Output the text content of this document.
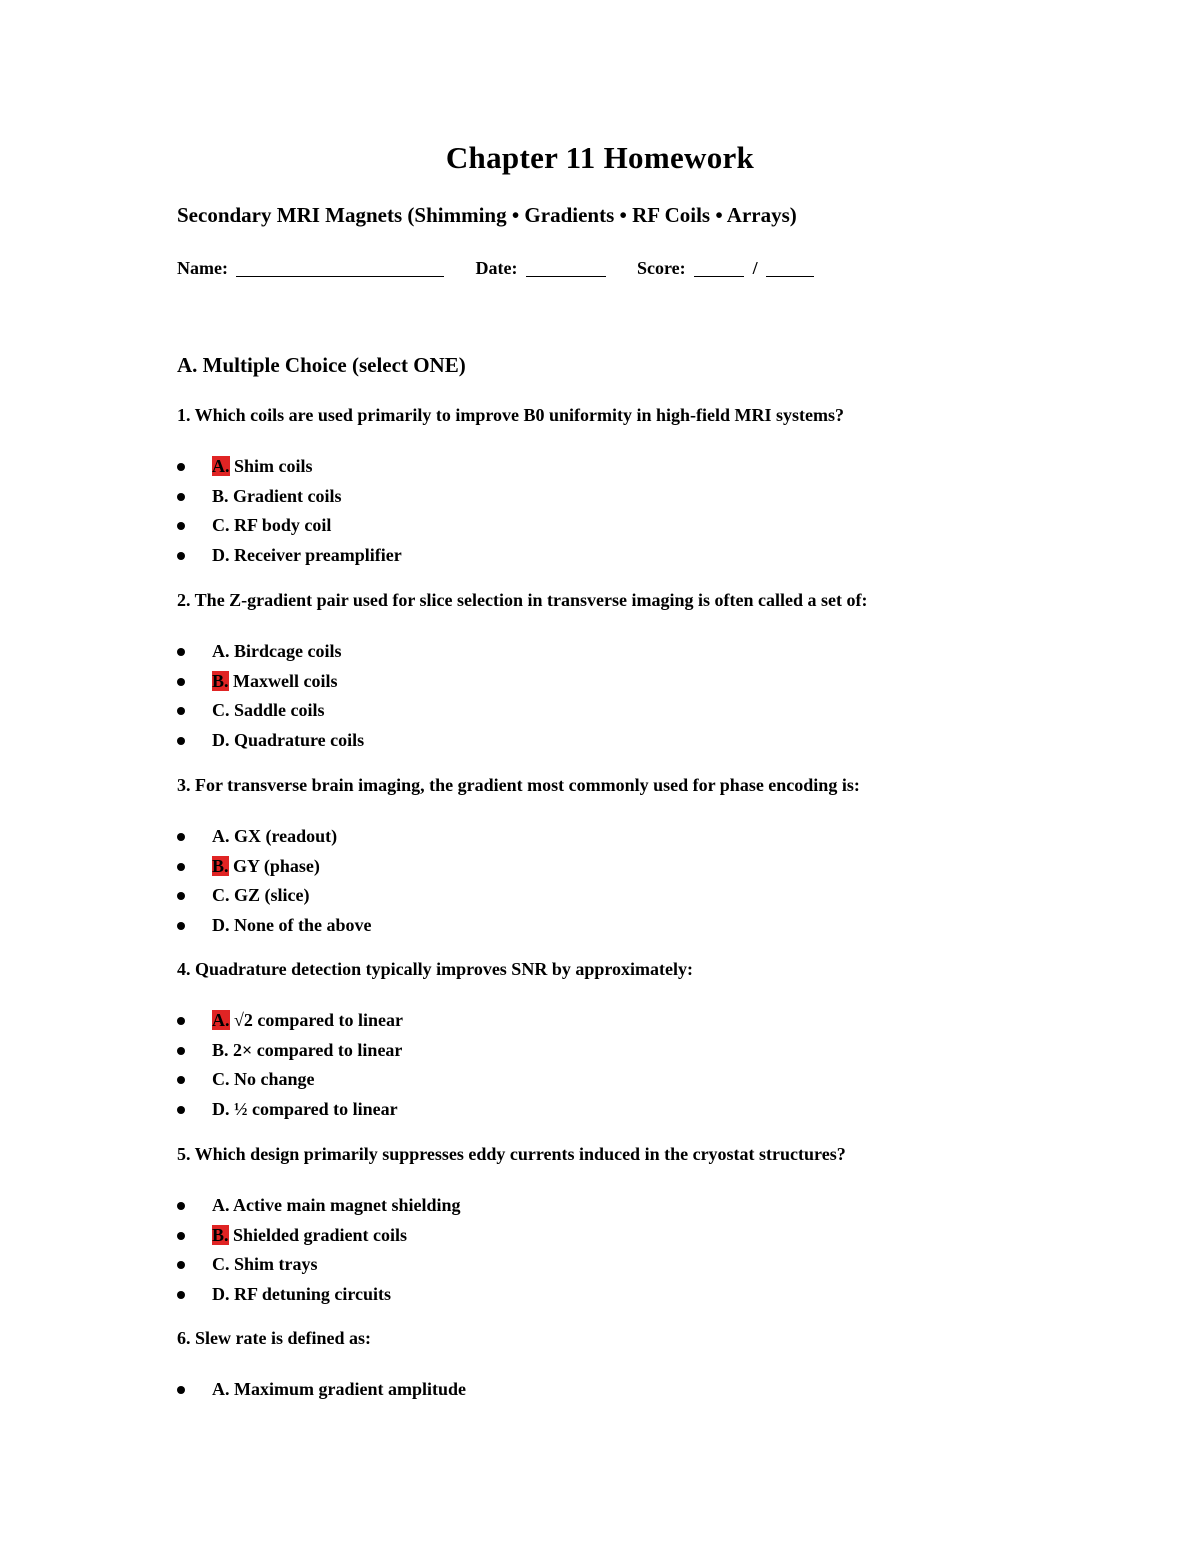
Chapter 11 Homework
Secondary MRI Magnets (Shimming • Gradients • RF Coils • Arrays)
Name:	Date:	Score:	/
A. Multiple Choice (select ONE)
1. Which coils are used primarily to improve B0 uniformity in high-field MRI systems?
A. Shim coils
B. Gradient coils
C. RF body coil
D. Receiver preamplifier
2. The Z-gradient pair used for slice selection in transverse imaging is often called a set of:
A. Birdcage coils
B. Maxwell coils
C. Saddle coils
D. Quadrature coils
3. For transverse brain imaging, the gradient most commonly used for phase encoding is:
A. GX (readout)
B. GY (phase)
C. GZ (slice)
D. None of the above
4. Quadrature detection typically improves SNR by approximately:
A. √2 compared to linear
B. 2× compared to linear
C. No change
D. ½ compared to linear
5. Which design primarily suppresses eddy currents induced in the cryostat structures?
A. Active main magnet shielding
B. Shielded gradient coils
C. Shim trays
D. RF detuning circuits
6. Slew rate is defined as:
A. Maximum gradient amplitude
